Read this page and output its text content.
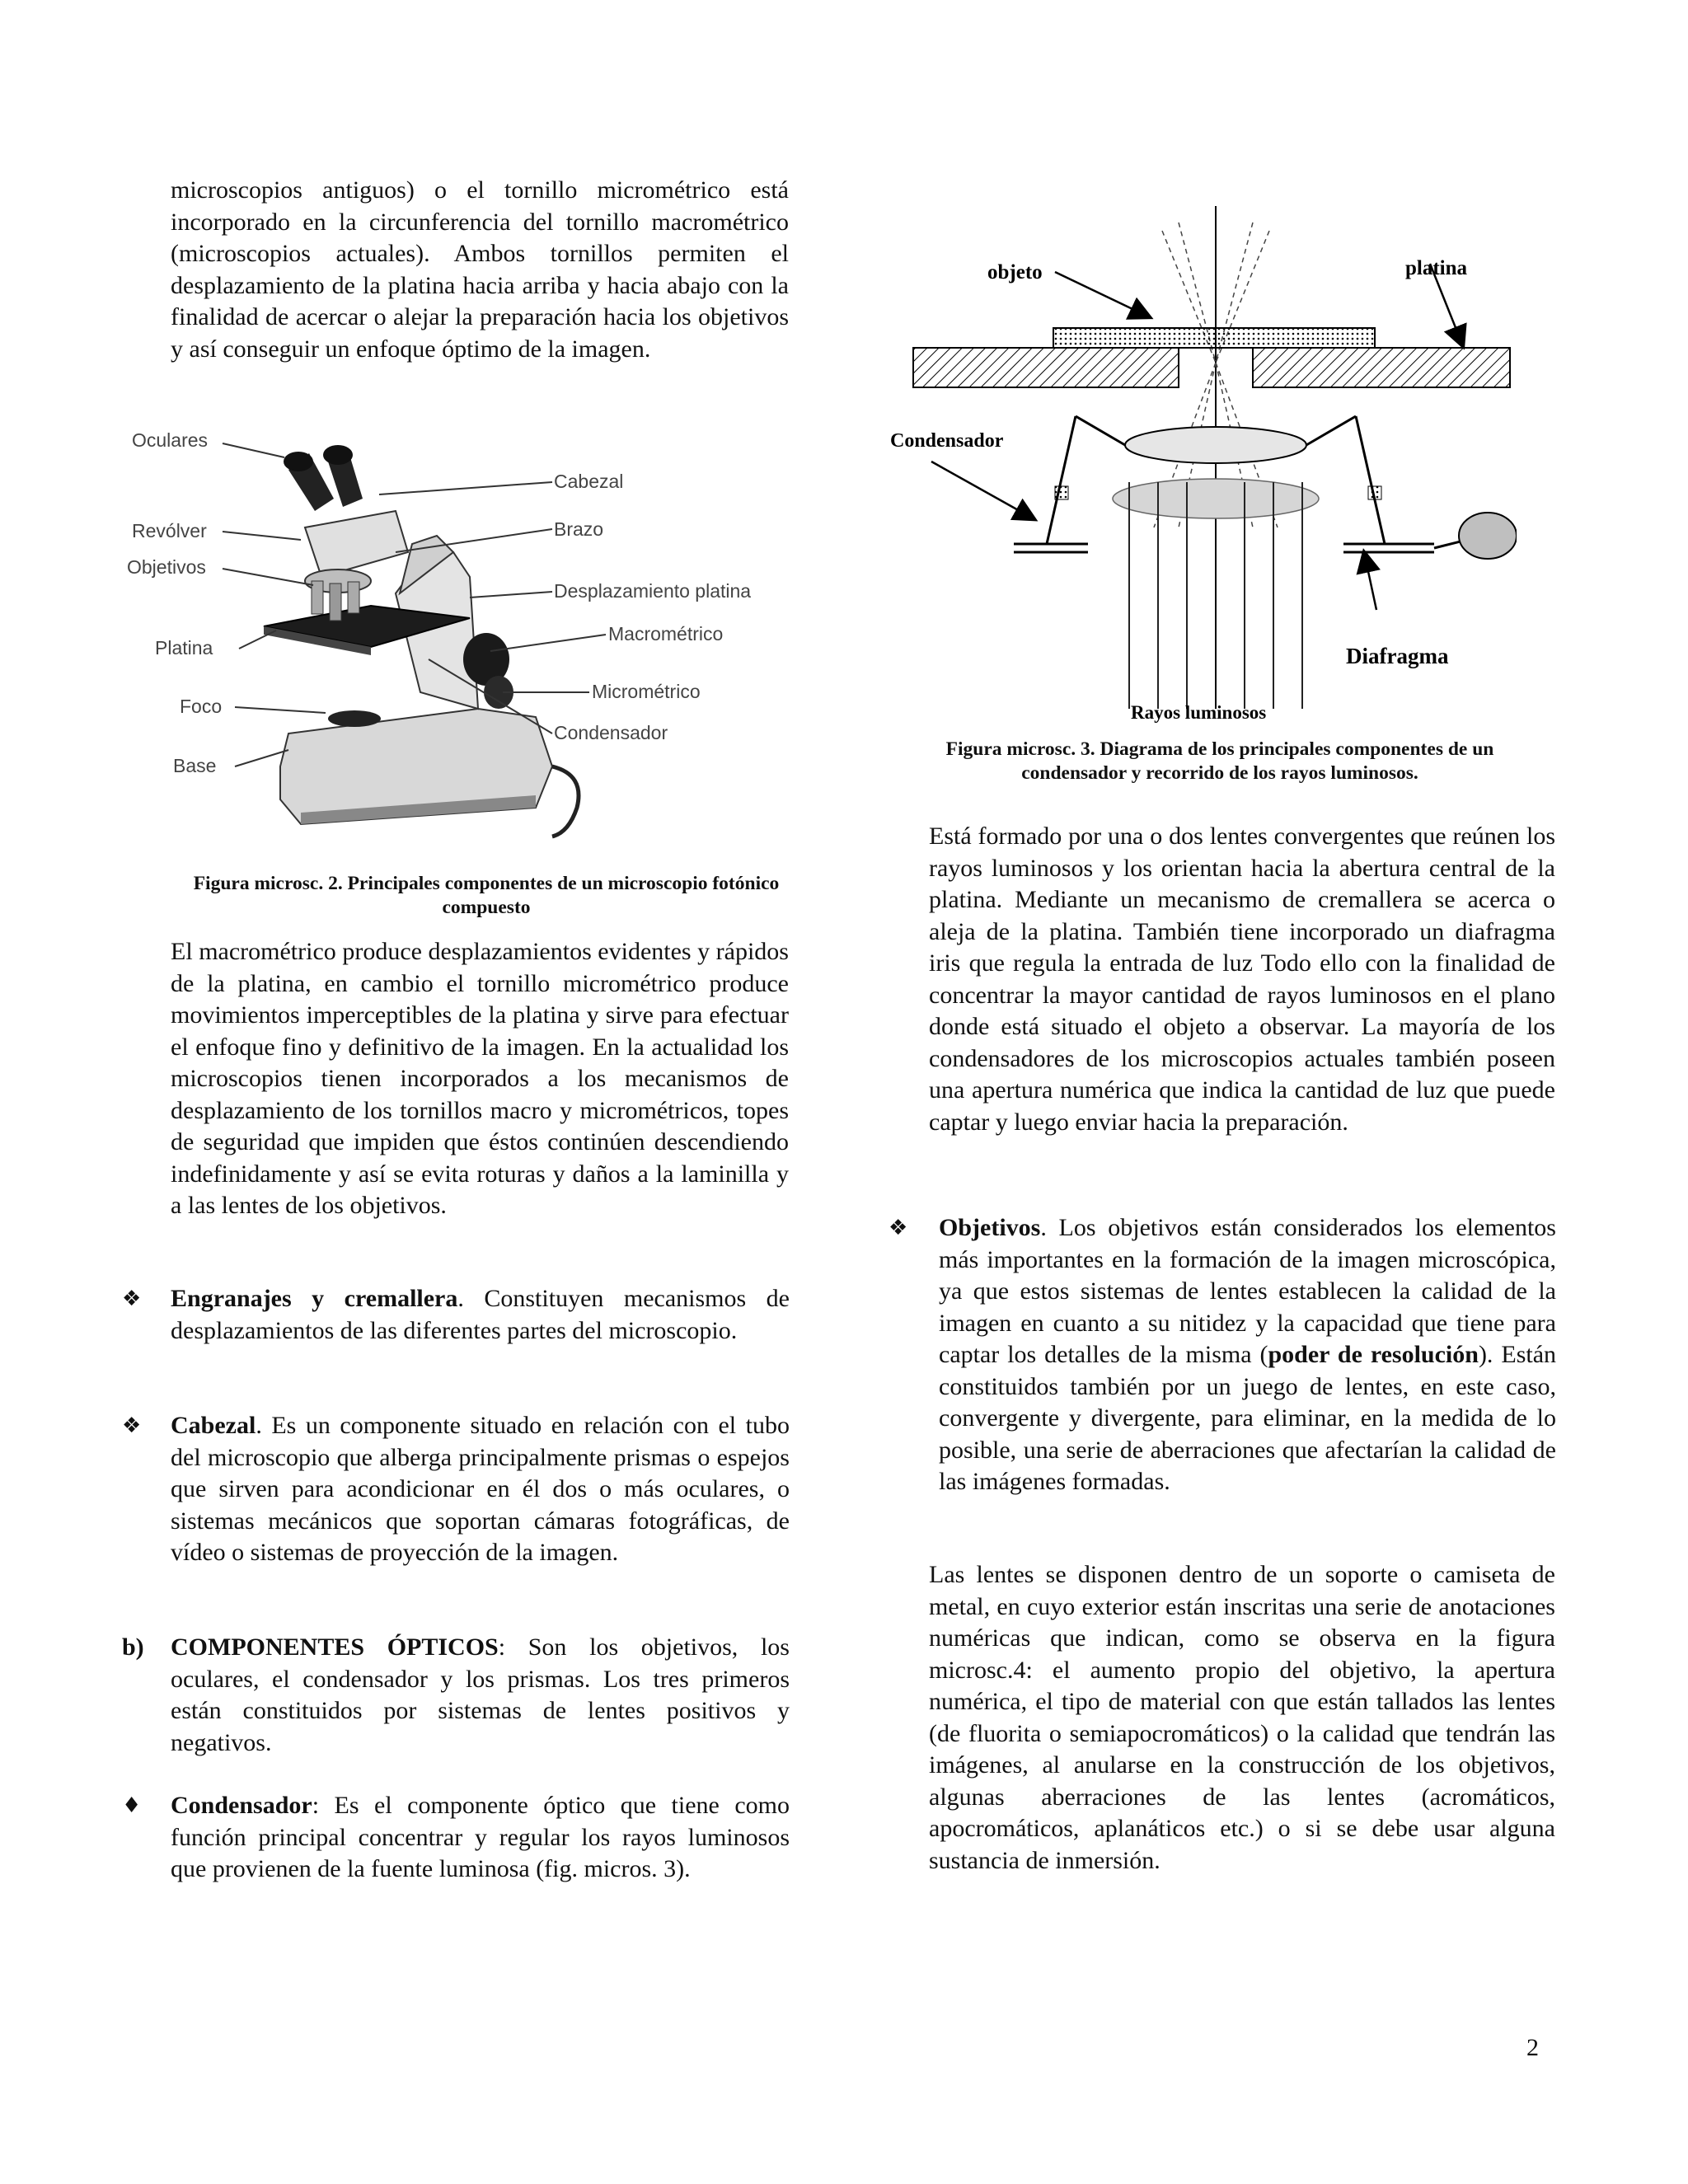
microscopios antiguos) o el tornillo micrométrico está incorporado en la circunferencia del tornillo macrométrico (microscopios actuales). Ambos tornillos permiten el desplazamiento de la platina hacia arriba y hacia abajo con la finalidad de acercar o alejar la preparación hacia los objetivos y así conseguir un enfoque óptimo de la imagen.

Oculares
Revólver
Objetivos
Platina
Foco
Base
Cabezal
Brazo
Desplazamiento platina
Macrométrico
Micrométrico
Condensador

Figura microsc. 2. Principales componentes de un microscopio fotónico compuesto

objeto	platina
Condensador
Diafragma
Rayos luminosos

Figura microsc. 3. Diagrama de los principales componentes de un condensador y recorrido de los rayos luminosos.

El macrométrico produce desplazamientos evidentes y rápidos de la platina, en cambio el tornillo micrométrico produce movimientos imperceptibles de la platina y sirve para efectuar el enfoque fino y definitivo de la imagen. En la actualidad los microscopios tienen incorporados a los mecanismos de desplazamiento de los tornillos macro y micrométricos, topes de seguridad que impiden que éstos continúen descendiendo indefinidamente y así se evita roturas y daños a la laminilla y a las lentes de los objetivos.

❖ Engranajes y cremallera. Constituyen mecanismos de desplazamientos de las diferentes partes del microscopio.

❖ Cabezal. Es un componente situado en relación con el tubo del microscopio que alberga principalmente prismas o espejos que sirven para acondicionar en él dos o más oculares, o sistemas mecánicos que soportan cámaras fotográficas, de vídeo o sistemas de proyección de la imagen.

b) COMPONENTES ÓPTICOS: Son los objetivos, los oculares, el condensador y los prismas. Los tres primeros están constituidos por sistemas de lentes positivos y negativos.

♦ Condensador: Es el componente óptico que tiene como función principal concentrar y regular los rayos luminosos que provienen de la fuente luminosa (fig. micros. 3).

Está formado por una o dos lentes convergentes que reúnen los rayos luminosos y los orientan hacia la abertura central de la platina. Mediante un mecanismo de cremallera se acerca o aleja de la platina. También tiene incorporado un diafragma iris que regula la entrada de luz Todo ello con la finalidad de concentrar la mayor cantidad de rayos luminosos en el plano donde está situado el objeto a observar. La mayoría de los condensadores de los microscopios actuales también poseen una apertura numérica que indica la cantidad de luz que puede captar y luego enviar hacia la preparación.

❖ Objetivos. Los objetivos están considerados los elementos más importantes en la formación de la imagen microscópica, ya que estos sistemas de lentes establecen la calidad de la imagen en cuanto a su nitidez y la capacidad que tiene para captar los detalles de la misma (poder de resolución). Están constituidos también por un juego de lentes, en este caso, convergente y divergente, para eliminar, en la medida de lo posible, una serie de aberraciones que afectarían la calidad de las imágenes formadas.

Las lentes se disponen dentro de un soporte o camiseta de metal, en cuyo exterior están inscritas una serie de anotaciones numéricas que indican, como se observa en la figura microsc.4: el aumento propio del objetivo, la apertura numérica, el tipo de material con que están tallados las lentes (de fluorita o semiapocromáticos) o la calidad que tendrán las imágenes, al anularse en la construcción de los objetivos, algunas aberraciones de las lentes (acromáticos, apocromáticos, aplanáticos etc.) o si se debe usar alguna sustancia de inmersión.

2
